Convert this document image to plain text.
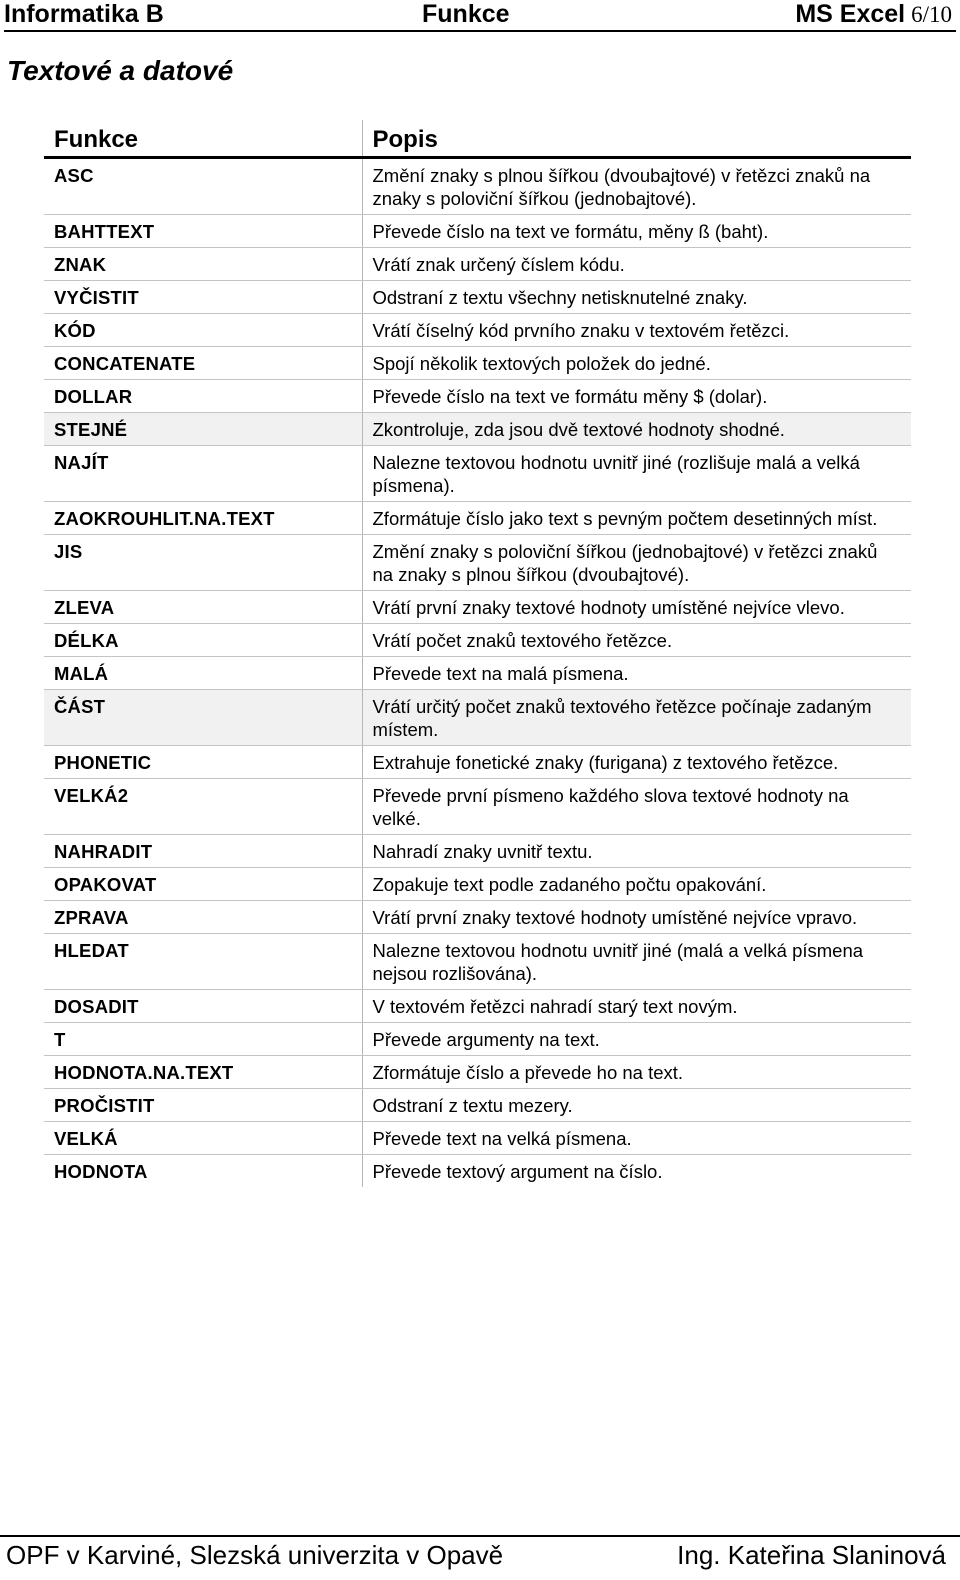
Informatika B	Funkce	MS Excel 6/10
Textové a datové
Funkce	Popis
ASC	Změní znaky s plnou šířkou (dvoubajtové) v řetězci znaků na znaky s poloviční šířkou (jednobajtové).
BAHTTEXT	Převede číslo na text ve formátu, měny ß (baht).
ZNAK	Vrátí znak určený číslem kódu.
VYČISTIT	Odstraní z textu všechny netisknutelné znaky.
KÓD	Vrátí číselný kód prvního znaku v textovém řetězci.
CONCATENATE	Spojí několik textových položek do jedné.
DOLLAR	Převede číslo na text ve formátu měny $ (dolar).
STEJNÉ	Zkontroluje, zda jsou dvě textové hodnoty shodné.
NAJÍT	Nalezne textovou hodnotu uvnitř jiné (rozlišuje malá a velká písmena).
ZAOKROUHLIT.NA.TEXT	Zformátuje číslo jako text s pevným počtem desetinných míst.
JIS	Změní znaky s poloviční šířkou (jednobajtové) v řetězci znaků na znaky s plnou šířkou (dvoubajtové).
ZLEVA	Vrátí první znaky textové hodnoty umístěné nejvíce vlevo.
DÉLKA	Vrátí počet znaků textového řetězce.
MALÁ	Převede text na malá písmena.
ČÁST	Vrátí určitý počet znaků textového řetězce počínaje zadaným místem.
PHONETIC	Extrahuje fonetické znaky (furigana) z textového řetězce.
VELKÁ2	Převede první písmeno každého slova textové hodnoty na velké.
NAHRADIT	Nahradí znaky uvnitř textu.
OPAKOVAT	Zopakuje text podle zadaného počtu opakování.
ZPRAVA	Vrátí první znaky textové hodnoty umístěné nejvíce vpravo.
HLEDAT	Nalezne textovou hodnotu uvnitř jiné (malá a velká písmena nejsou rozlišována).
DOSADIT	V textovém řetězci nahradí starý text novým.
T	Převede argumenty na text.
HODNOTA.NA.TEXT	Zformátuje číslo a převede ho na text.
PROČISTIT	Odstraní z textu mezery.
VELKÁ	Převede text na velká písmena.
HODNOTA	Převede textový argument na číslo.
OPF v Karviné, Slezská univerzita v Opavě	Ing. Kateřina Slaninová
